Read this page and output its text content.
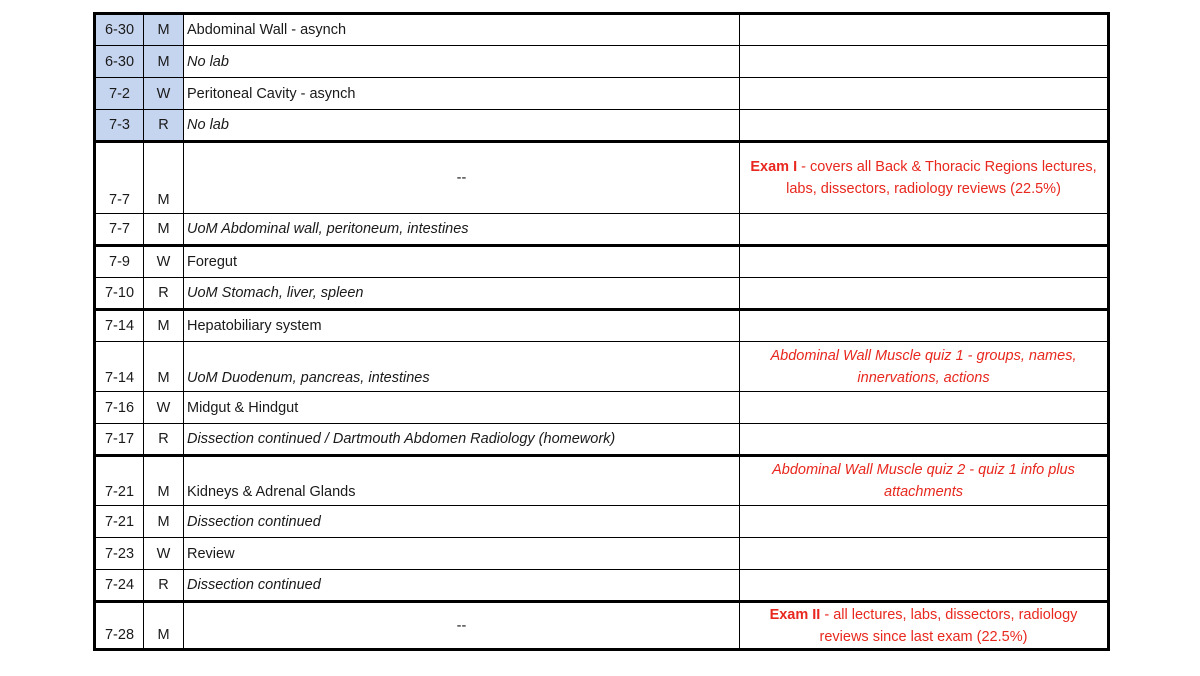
6-30	M	Abdominal Wall - asynch	
6-30	M	No lab	
7-2	W	Peritoneal Cavity - asynch	
7-3	R	No lab	
7-7	M	--	Exam I - covers all Back & Thoracic Regions lectures, labs, dissectors, radiology reviews (22.5%)
7-7	M	UoM Abdominal wall, peritoneum, intestines	
7-9	W	Foregut	
7-10	R	UoM Stomach, liver, spleen	
7-14	M	Hepatobiliary system	
7-14	M	UoM Duodenum, pancreas, intestines	Abdominal Wall Muscle quiz 1 - groups, names, innervations, actions
7-16	W	Midgut & Hindgut	
7-17	R	Dissection continued / Dartmouth Abdomen Radiology (homework)	
7-21	M	Kidneys & Adrenal Glands	Abdominal Wall Muscle quiz 2 - quiz 1 info plus attachments
7-21	M	Dissection continued	
7-23	W	Review	
7-24	R	Dissection continued	
7-28	M	--	Exam II - all lectures, labs, dissectors, radiology reviews since last exam (22.5%)
